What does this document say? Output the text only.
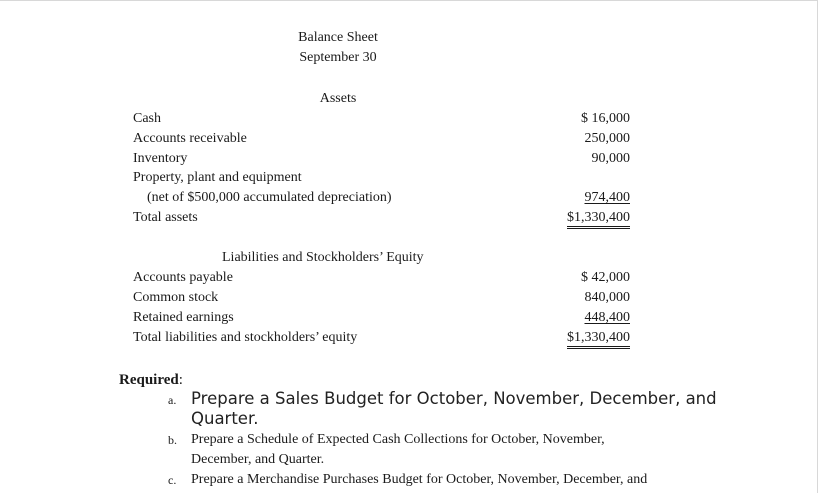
Balance Sheet
September 30
Assets
Cash	$ 16,000
Accounts receivable	250,000
Inventory	90,000
Property, plant and equipment
(net of $500,000 accumulated depreciation)	974,400
Total assets	$1,330,400
Liabilities and Stockholders’ Equity
Accounts payable	$ 42,000
Common stock	840,000
Retained earnings	448,400
Total liabilities and stockholders’ equity	$1,330,400
Required:
a. Prepare a Sales Budget for October, November, December, and
Quarter.
b. Prepare a Schedule of Expected Cash Collections for October, November,
December, and Quarter.
c. Prepare a Merchandise Purchases Budget for October, November, December, and
